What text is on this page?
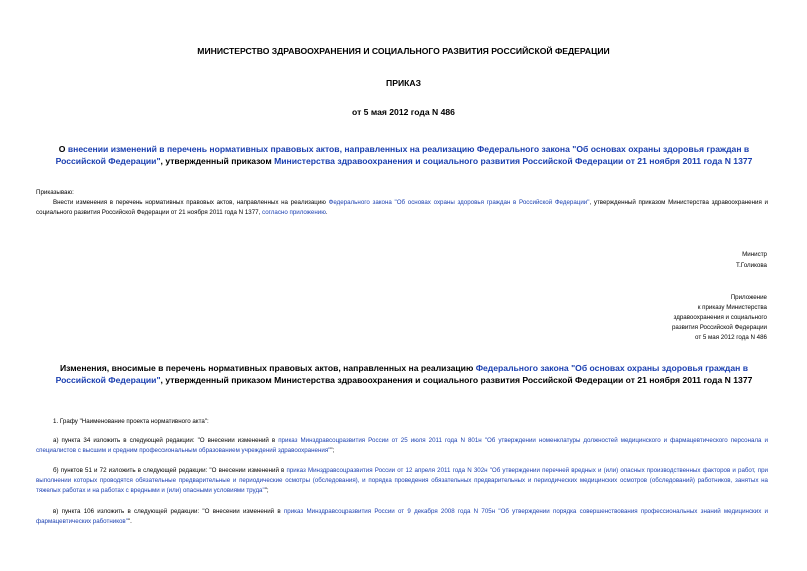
МИНИСТЕРСТВО ЗДРАВООХРАНЕНИЯ И СОЦИАЛЬНОГО РАЗВИТИЯ РОССИЙСКОЙ ФЕДЕРАЦИИ
ПРИКАЗ
от 5 мая 2012 года N 486
О внесении изменений в перечень нормативных правовых актов, направленных на реализацию Федерального закона "Об основах охраны здоровья граждан в Российской Федерации", утвержденный приказом Министерства здравоохранения и социального развития Российской Федерации от 21 ноября 2011 года N 1377
Приказываю:
Внести изменения в перечень нормативных правовых актов, направленных на реализацию Федерального закона "Об основах охраны здоровья граждан в Российской Федерации", утвержденный приказом Министерства здравоохранения и социального развития Российской Федерации от 21 ноября 2011 года N 1377, согласно приложению.
Министр
Т.Голикова
Приложение
к приказу Министерства
здравоохранения и социального
развития Российской Федерации
от 5 мая 2012 года N 486
Изменения, вносимые в перечень нормативных правовых актов, направленных на реализацию Федерального закона "Об основах охраны здоровья граждан в Российской Федерации", утвержденный приказом Министерства здравоохранения и социального развития Российской Федерации от 21 ноября 2011 года N 1377
1. Графу "Наименование проекта нормативного акта":
а) пункта 34 изложить в следующей редакции: "О внесении изменений в приказ Минздравсоцразвития России от 25 июля 2011 года N 801н "Об утверждении номенклатуры должностей медицинского и фармацевтического персонала и специалистов с высшим и средним профессиональным образованием учреждений здравоохранения"";
б) пунктов 51 и 72 изложить в следующей редакции: "О внесении изменений в приказ Минздравсоцразвития России от 12 апреля 2011 года N 302н "Об утверждении перечней вредных и (или) опасных производственных факторов и работ, при выполнении которых проводятся обязательные предварительные и периодические осмотры (обследования), и порядка проведения обязательных предварительных и периодических медицинских осмотров (обследований) работников, занятых на тяжелых работах и на работах с вредными и (или) опасными условиями труда"";
в) пункта 106 изложить в следующей редакции: "О внесении изменений в приказ Минздравсоцразвития России от 9 декабря 2008 года N 705н "Об утверждении порядка совершенствования профессиональных знаний медицинских и фармацевтических работников"".
